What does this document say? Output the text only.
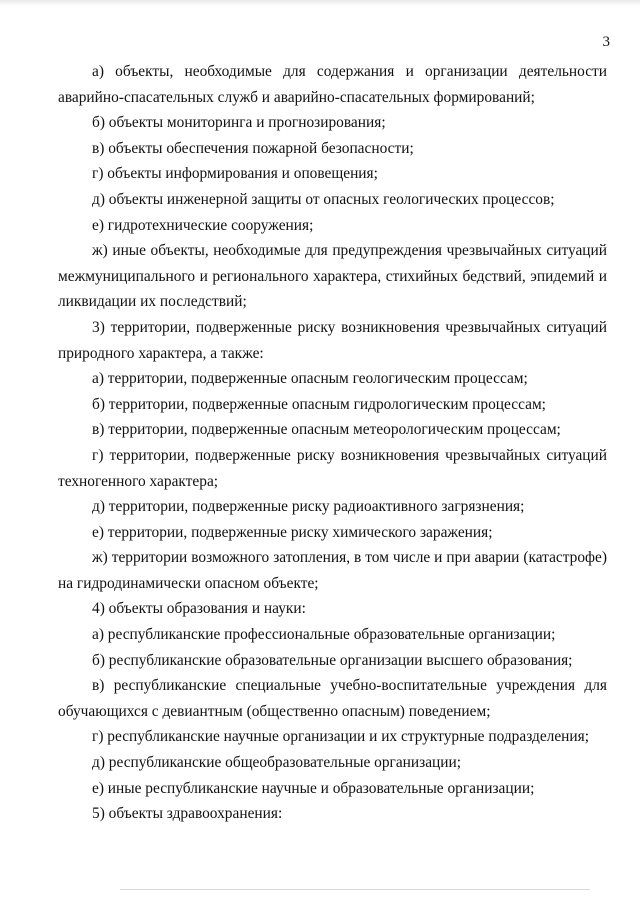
3

а) объекты, необходимые для содержания и организации деятельности аварийно-спасательных служб и аварийно-спасательных формирований;

б) объекты мониторинга и прогнозирования;

в) объекты обеспечения пожарной безопасности;

г) объекты информирования и оповещения;

д) объекты инженерной защиты от опасных геологических процессов;

е) гидротехнические сооружения;

ж) иные объекты, необходимые для предупреждения чрезвычайных ситуаций межмуниципального и регионального характера, стихийных бедствий, эпидемий и ликвидации их последствий;

3) территории, подверженные риску возникновения чрезвычайных ситуаций природного характера, а также:

а) территории, подверженные опасным геологическим процессам;

б) территории, подверженные опасным гидрологическим процессам;

в) территории, подверженные опасным метеорологическим процессам;

г) территории, подверженные риску возникновения чрезвычайных ситуаций техногенного характера;

д) территории, подверженные риску радиоактивного загрязнения;

е) территории, подверженные риску химического заражения;

ж) территории возможного затопления, в том числе и при аварии (катастрофе) на гидродинамически опасном объекте;

4) объекты образования и науки:

а) республиканские профессиональные образовательные организации;

б) республиканские образовательные организации высшего образования;

в) республиканские специальные учебно-воспитательные учреждения для обучающихся с девиантным (общественно опасным) поведением;

г) республиканские научные организации и их структурные подразделения;

д) республиканские общеобразовательные организации;

е) иные республиканские научные и образовательные организации;

5) объекты здравоохранения:
